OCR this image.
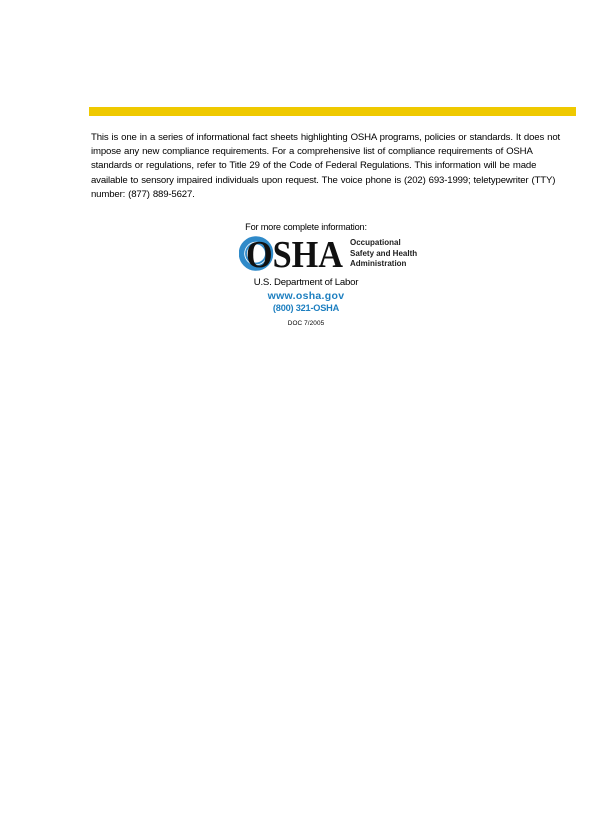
This is one in a series of informational fact sheets highlighting OSHA programs, policies or standards. It does not impose any new compliance requirements. For a comprehensive list of compliance requirements of OSHA standards or regulations, refer to Title 29 of the Code of Federal Regulations. This information will be made available to sensory impaired individuals upon request. The voice phone is (202) 693-1999; teletypewriter (TTY) number: (877) 889-5627.

For more complete information:
OSHA Occupational
Safety and Health
Administration
U.S. Department of Labor
www.osha.gov
(800) 321-OSHA
DOC 7/2005
